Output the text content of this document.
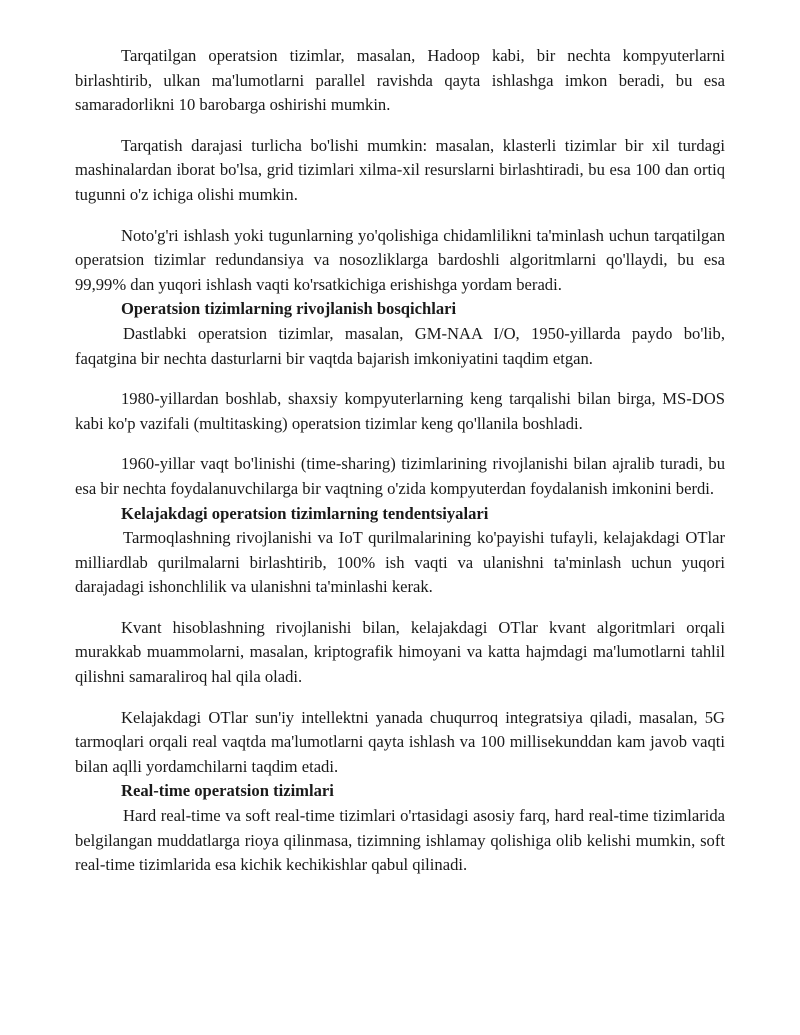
Tarqatilgan operatsion tizimlar, masalan, Hadoop kabi, bir nechta kompyuterlarni birlashtirib, ulkan ma'lumotlarni parallel ravishda qayta ishlashga imkon beradi, bu esa samaradorlikni 10 barobarga oshirishi mumkin.

Tarqatish darajasi turlicha bo'lishi mumkin: masalan, klasterli tizimlar bir xil turdagi mashinalardan iborat bo'lsa, grid tizimlari xilma-xil resurslarni birlashtiradi, bu esa 100 dan ortiq tugunni o'z ichiga olishi mumkin.

Noto'g'ri ishlash yoki tugunlarning yo'qolishiga chidamlilikni ta'minlash uchun tarqatilgan operatsion tizimlar redundansiya va nosozliklarga bardoshli algoritmlarni qo'llaydi, bu esa 99,99% dan yuqori ishlash vaqti ko'rsatkichiga erishishga yordam beradi.

Operatsion tizimlarning rivojlanish bosqichlari

Dastlabki operatsion tizimlar, masalan, GM-NAA I/O, 1950-yillarda paydo bo'lib, faqatgina bir nechta dasturlarni bir vaqtda bajarish imkoniyatini taqdim etgan.

1980-yillardan boshlab, shaxsiy kompyuterlarning keng tarqalishi bilan birga, MS-DOS kabi ko'p vazifali (multitasking) operatsion tizimlar keng qo'llanila boshladi.

1960-yillar vaqt bo'linishi (time-sharing) tizimlarining rivojlanishi bilan ajralib turadi, bu esa bir nechta foydalanuvchilarga bir vaqtning o'zida kompyuterdan foydalanish imkonini berdi.

Kelajakdagi operatsion tizimlarning tendentsiyalari

Tarmoqlashning rivojlanishi va IoT qurilmalarining ko'payishi tufayli, kelajakdagi OTlar milliardlab qurilmalarni birlashtirib, 100% ish vaqti va ulanishni ta'minlash uchun yuqori darajadagi ishonchlilik va ulanishni ta'minlashi kerak.

Kvant hisoblashning rivojlanishi bilan, kelajakdagi OTlar kvant algoritmlari orqali murakkab muammolarni, masalan, kriptografik himoyani va katta hajmdagi ma'lumotlarni tahlil qilishni samaraliroq hal qila oladi.

Kelajakdagi OTlar sun'iy intellektni yanada chuqurroq integratsiya qiladi, masalan, 5G tarmoqlari orqali real vaqtda ma'lumotlarni qayta ishlash va 100 millisekunddan kam javob vaqti bilan aqlli yordamchilarni taqdim etadi.

Real-time operatsion tizimlari

Hard real-time va soft real-time tizimlari o'rtasidagi asosiy farq, hard real-time tizimlarida belgilangan muddatlarga rioya qilinmasa, tizimning ishlamay qolishiga olib kelishi mumkin, soft real-time tizimlarida esa kichik kechikishlar qabul qilinadi.
